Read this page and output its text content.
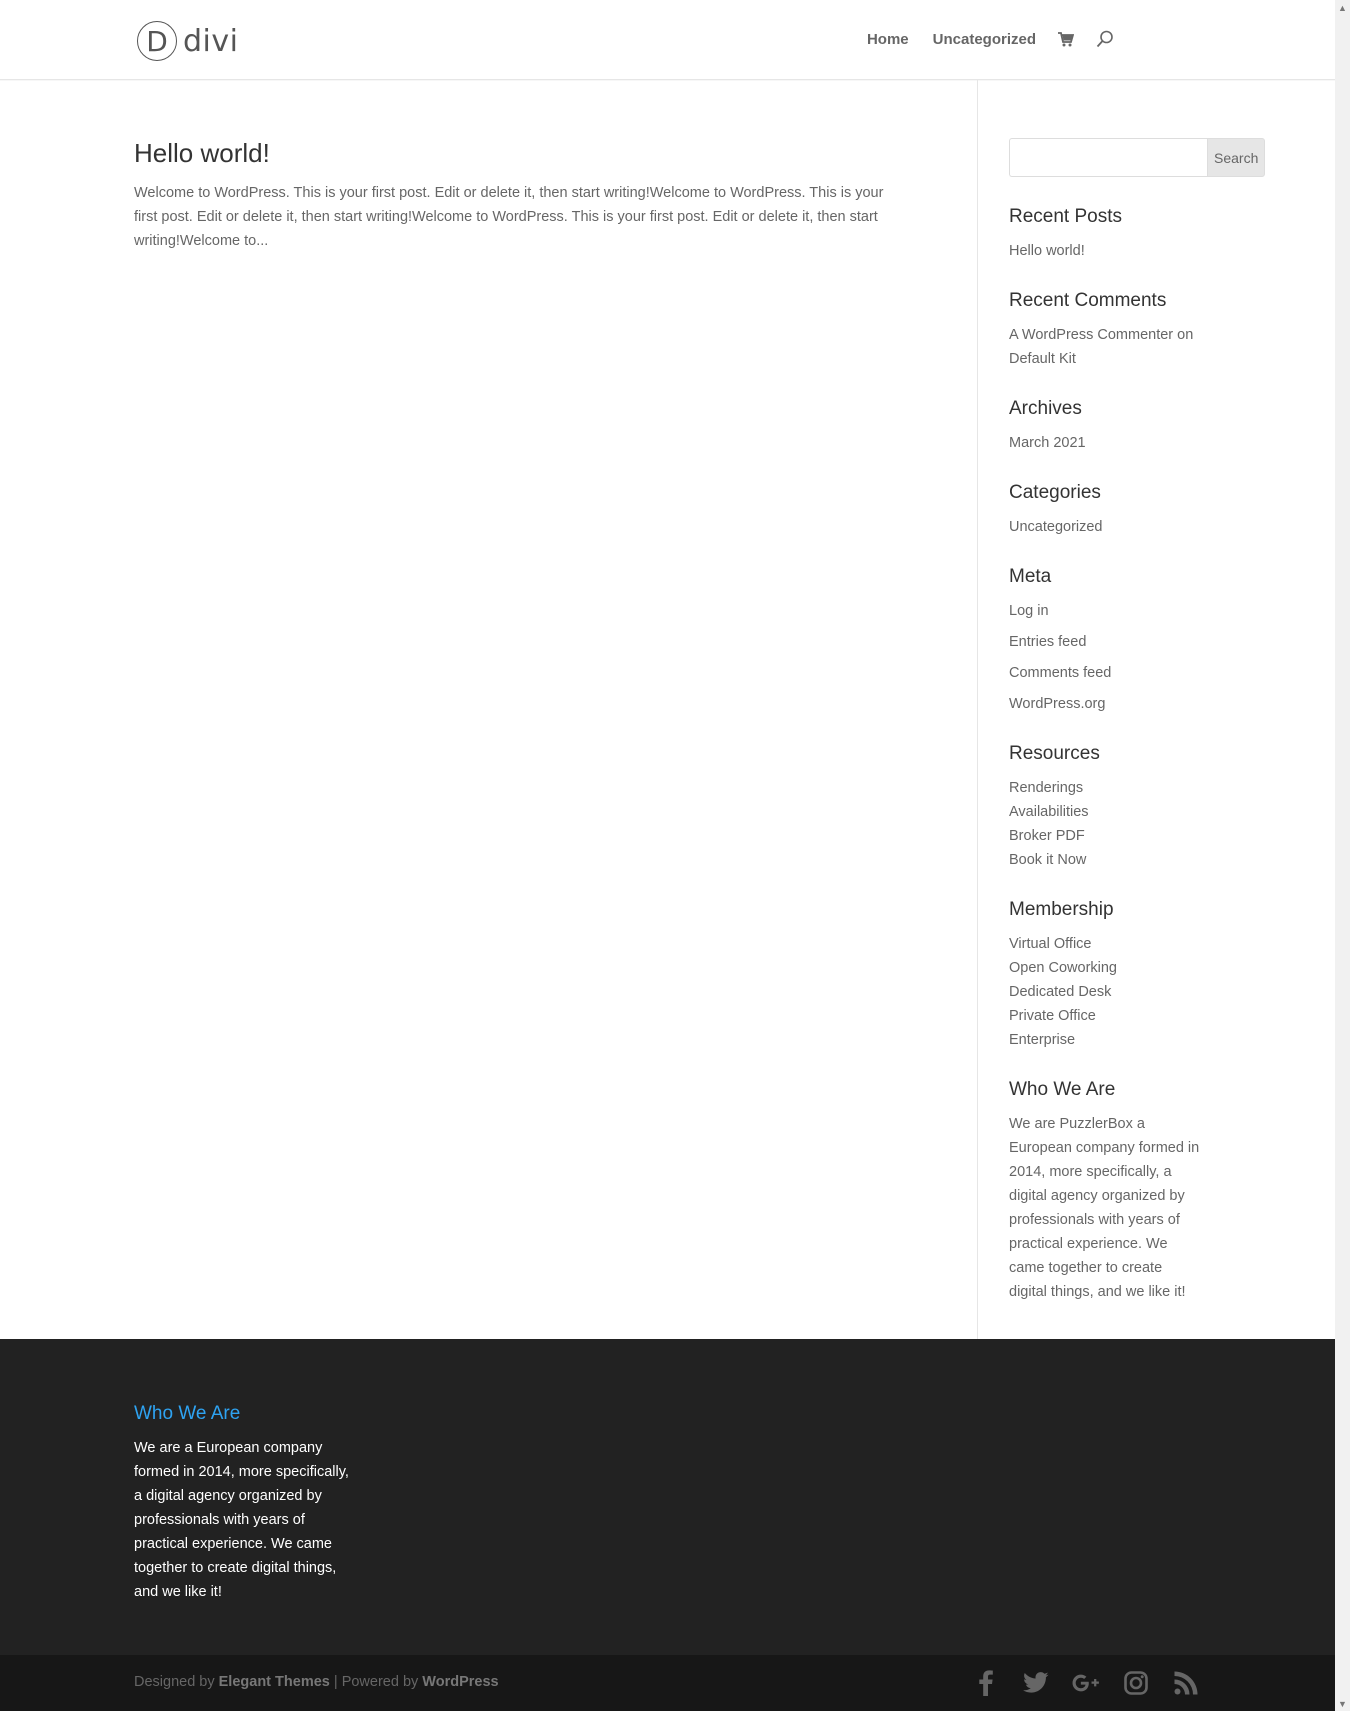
D divi	Home Uncategorized
Hello world!

Welcome to WordPress. This is your first post. Edit or delete it, then start writing!Welcome to WordPress. This is your first post. Edit or delete it, then start writing!Welcome to WordPress. This is your first post. Edit or delete it, then start writing!Welcome to...

Search
Recent Posts
Hello world!
Recent Comments
A WordPress Commenter on Default Kit
Archives
March 2021
Categories
Uncategorized
Meta
Log in
Entries feed
Comments feed
WordPress.org
Resources
Renderings
Availabilities
Broker PDF
Book it Now
Membership
Virtual Office
Open Coworking
Dedicated Desk
Private Office
Enterprise
Who We Are

We are PuzzlerBox a European company formed in 2014, more specifically, a digital agency organized by professionals with years of practical experience. We came together to create digital things, and we like it!

Who We Are

We are a European company formed in 2014, more specifically, a digital agency organized by professionals with years of practical experience. We came together to create digital things, and we like it!

Designed by Elegant Themes | Powered by WordPress
▲
▼
